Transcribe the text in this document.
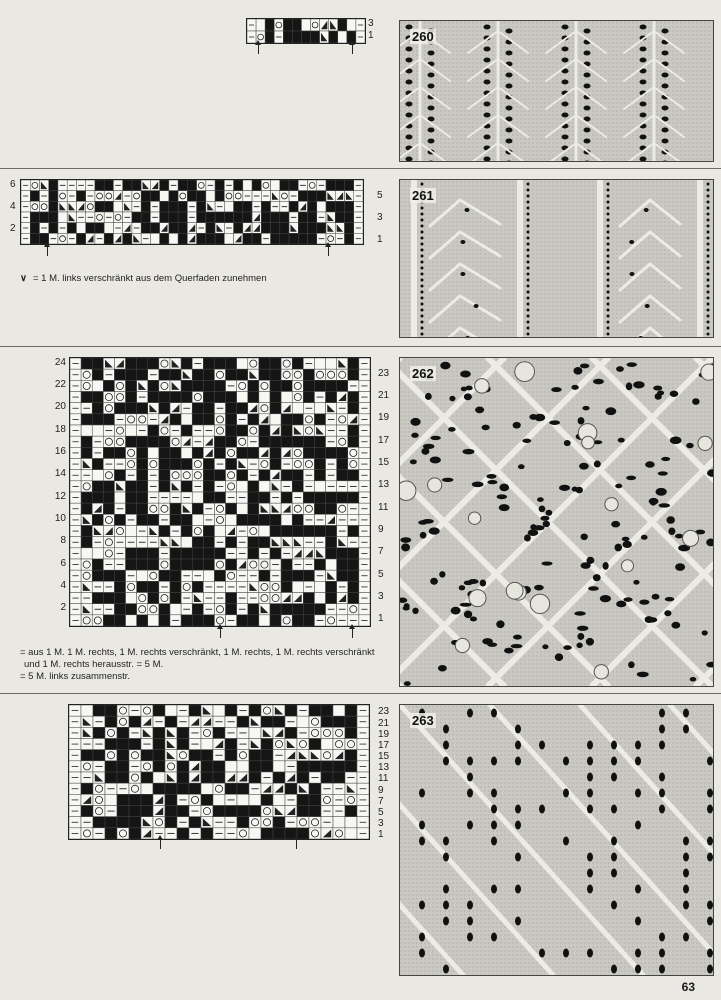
3
1	260
6
4
2
5
3
1
∨ = 1 M. links verschränkt aus dem Querfaden zunehmen
261
24
22
20
18
16
14
12
10
8
6
4
2
23
21
19
17
15
13
11
9
7
5
3
1
= aus 1 M. 1 M. rechts, 1 M. rechts verschränkt, 1 M. rechts, 1 M. rechts verschränkt und 1 M. rechts herausstr. = 5 M.
= 5 M. links zusammenstr.
262
23
21
19
17
15
13
11
9
7
5
3
1
263
63
